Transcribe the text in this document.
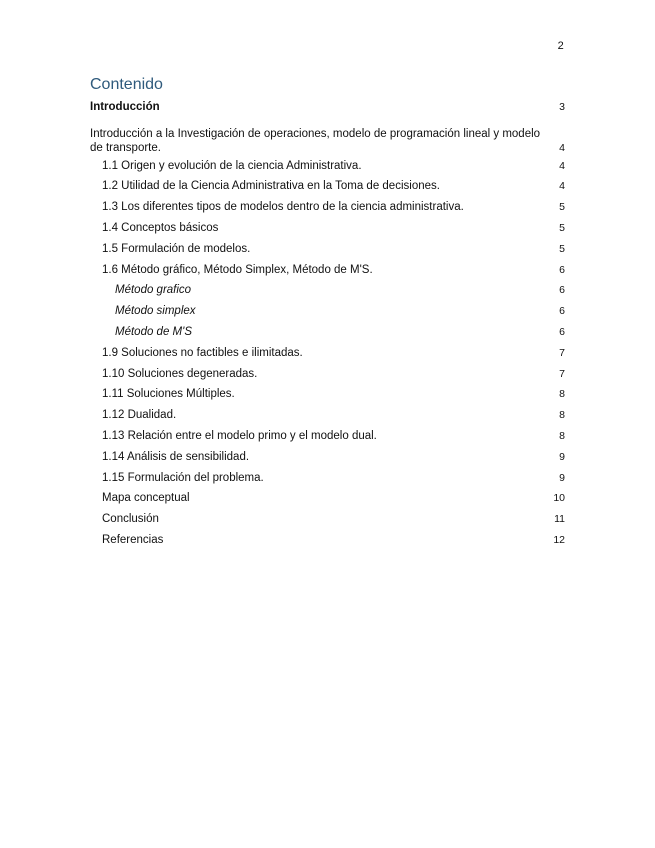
2
Contenido
Introducción	3
Introducción a la Investigación de operaciones, modelo de programación lineal y modelo de transporte.	4
1.1 Origen y evolución de la ciencia Administrativa.	4
1.2 Utilidad de la Ciencia Administrativa en la Toma de decisiones.	4
1.3 Los diferentes tipos de modelos dentro de la ciencia administrativa.	5
1.4 Conceptos básicos	5
1.5 Formulación de modelos.	5
1.6 Método gráfico, Método Simplex, Método de M'S.	6
Método grafico	6
Método simplex	6
Método de M'S	6
1.9 Soluciones no factibles e ilimitadas.	7
1.10 Soluciones degeneradas.	7
1.11 Soluciones Múltiples.	8
1.12 Dualidad.	8
1.13 Relación entre el modelo primo y el modelo dual.	8
1.14 Análisis de sensibilidad.	9
1.15 Formulación del problema.	9
Mapa conceptual	10
Conclusión	11
Referencias	12
